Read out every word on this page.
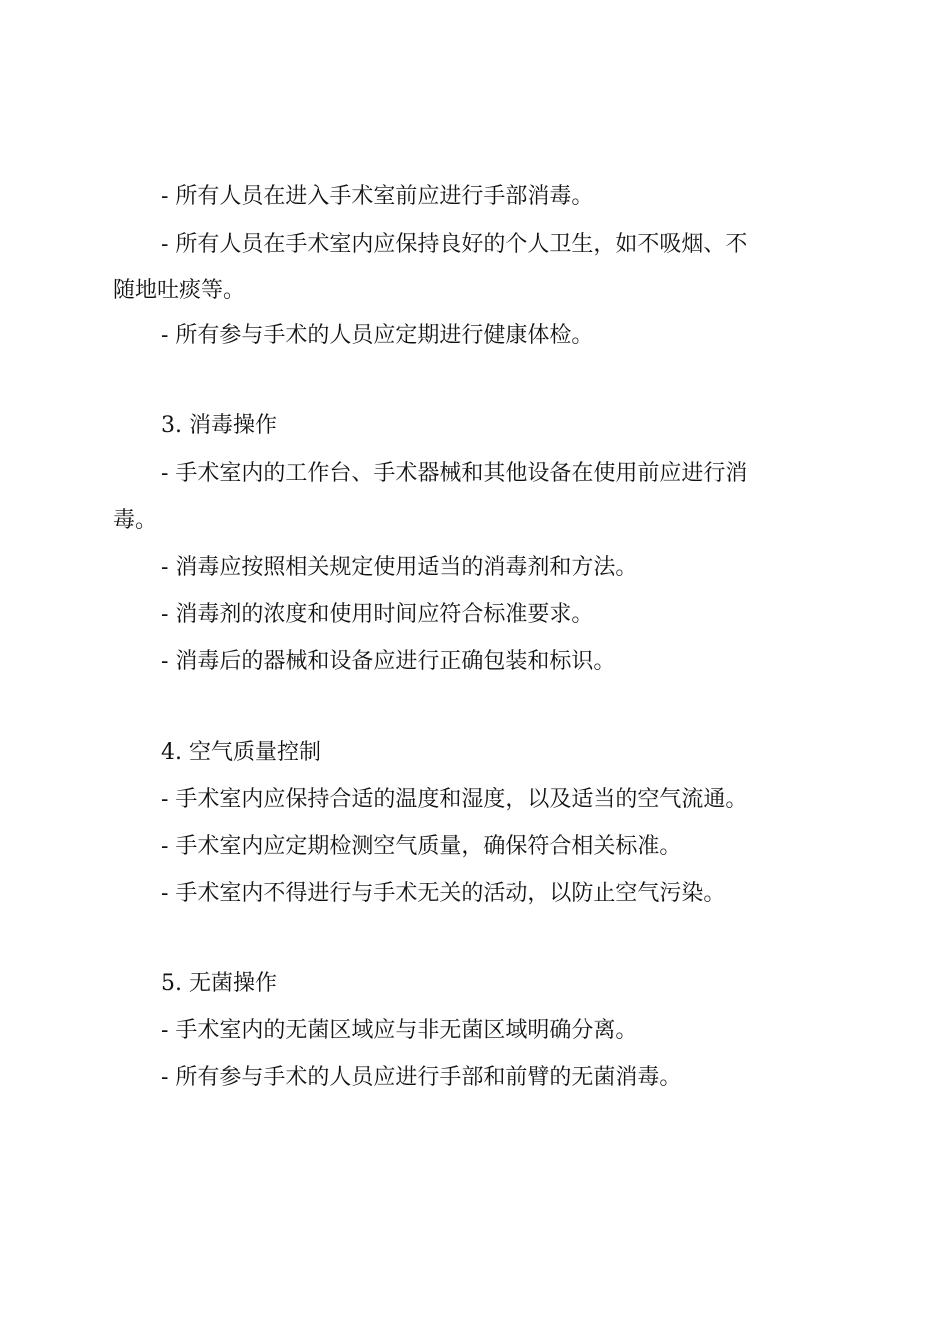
- 所有人员在进入手术室前应进行手部消毒。
- 所有人员在手术室内应保持良好的个人卫生，如不吸烟、不
随地吐痰等。
- 所有参与手术的人员应定期进行健康体检。
3. 消毒操作
- 手术室内的工作台、手术器械和其他设备在使用前应进行消
毒。
- 消毒应按照相关规定使用适当的消毒剂和方法。
- 消毒剂的浓度和使用时间应符合标准要求。
- 消毒后的器械和设备应进行正确包装和标识。
4. 空气质量控制
- 手术室内应保持合适的温度和湿度，以及适当的空气流通。
- 手术室内应定期检测空气质量，确保符合相关标准。
- 手术室内不得进行与手术无关的活动，以防止空气污染。
5. 无菌操作
- 手术室内的无菌区域应与非无菌区域明确分离。
- 所有参与手术的人员应进行手部和前臂的无菌消毒。
